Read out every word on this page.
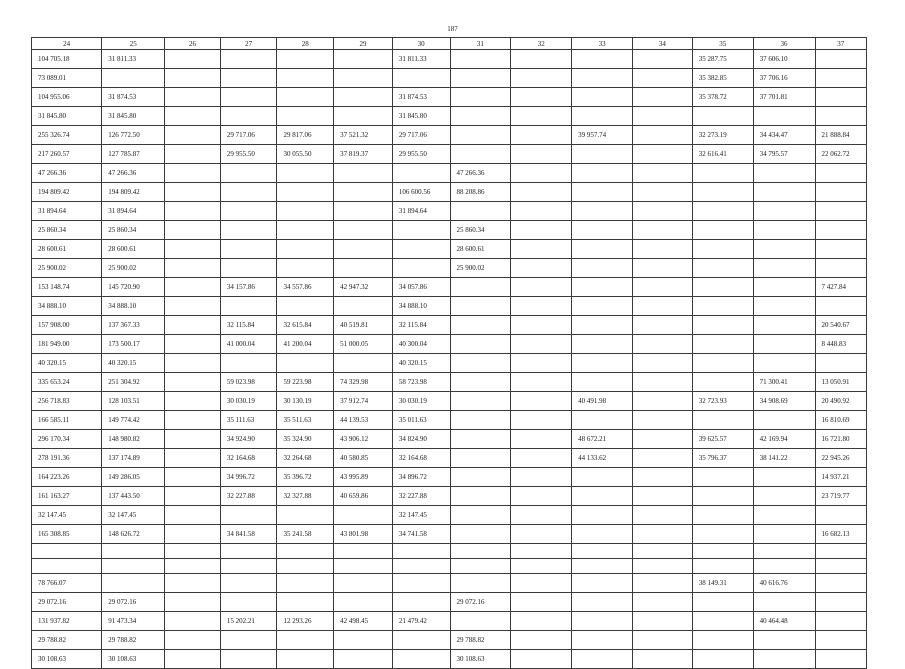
187
24	25	26	27	28	29	30	31	32	33	34	35	36	37
104 705.18	31 811.33					31 811.33					35 287.75	37 606.10	
73 089.01											35 382.85	37 706.16	
104 955.06	31 874.53					31 874.53					35 378.72	37 701.81	
31 845.80	31 845.80					31 845.80							
255 326.74	126 772.50		29 717.06	29 817.06	37 521.32	29 717.06			39 957.74		32 273.19	34 434.47	21 888.84
217 260.57	127 785.87		29 955.50	30 055.50	37 819.37	29 955.50					32 616.41	34 795.57	22 062.72
47 266.36	47 266.36						47 266.36						
194 809.42	194 809.42					106 600.56	88 208.86						
31 894.64	31 894.64					31 894.64							
25 860.34	25 860.34						25 860.34						
28 600.61	28 600.61						28 600.61						
25 900.02	25 900.02						25 900.02						
153 148.74	145 720.90		34 157.86	34 557.86	42 947.32	34 057.86							7 427.84
34 888.10	34 888.10					34 888.10							
157 908.00	137 367.33		32 115.84	32 615.84	40 519.81	32 115.84							20 540.67
181 949.00	173 500.17		41 000.04	41 200.04	51 000.05	40 300.04							8 448.83
40 320.15	40 320.15					40 320.15							
335 653.24	251 304.92		59 023.98	59 223.98	74 329.98	58 723.98						71 300.41	13 050.91
256 718.83	128 103.51		30 030.19	30 130.19	37 912.74	30 030.19			40 491.98		32 723.93	34 908.69	20 490.92
166 585.11	149 774.42		35 111.63	35 511.63	44 139.53	35 011.63							16 810.69
296 170.34	148 980.82		34 924.90	35 324.90	43 906.12	34 824.90			48 672.21		39 625.57	42 169.94	16 721.80
278 191.36	137 174.89		32 164.68	32 264.68	40 580.85	32 164.68			44 133.62		35 796.37	38 141.22	22 945.26
164 223.26	149 286.05		34 996.72	35 396.72	43 995.89	34 896.72							14 937.21
161 163.27	137 443.50		32 227.88	32 327.88	40 659.86	32 227.88							23 719.77
32 147.45	32 147.45					32 147.45							
165 308.85	148 626.72		34 841.58	35 241.58	43 801.98	34 741.58							16 682.13

78 766.07											38 149.31	40 616.76	
29 072.16	29 072.16						29 072.16						
131 937.82	91 473.34		15 202.21	12 293.26	42 498.45	21 479.42						40 464.48	
29 788.82	29 788.82						29 788.82						
30 108.63	30 108.63						30 108.63						
